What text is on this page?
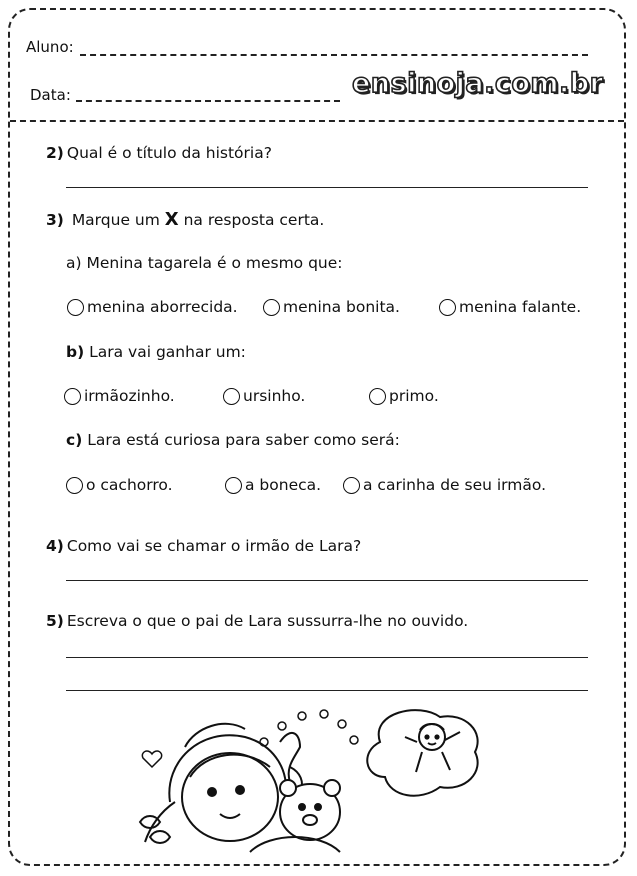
Aluno:
Data:	ensinoja.com.br
2) Qual é o título da história?
3) Marque um X na resposta certa.
a) Menina tagarela é o mesmo que:
menina aborrecida.	menina bonita.	menina falante.
b) Lara vai ganhar um:
irmãozinho.	ursinho.	primo.
c) Lara está curiosa para saber como será:
o cachorro.	a boneca.	a carinha de seu irmão.
4) Como vai se chamar o irmão de Lara?
5) Escreva o que o pai de Lara sussurra-lhe no ouvido.
